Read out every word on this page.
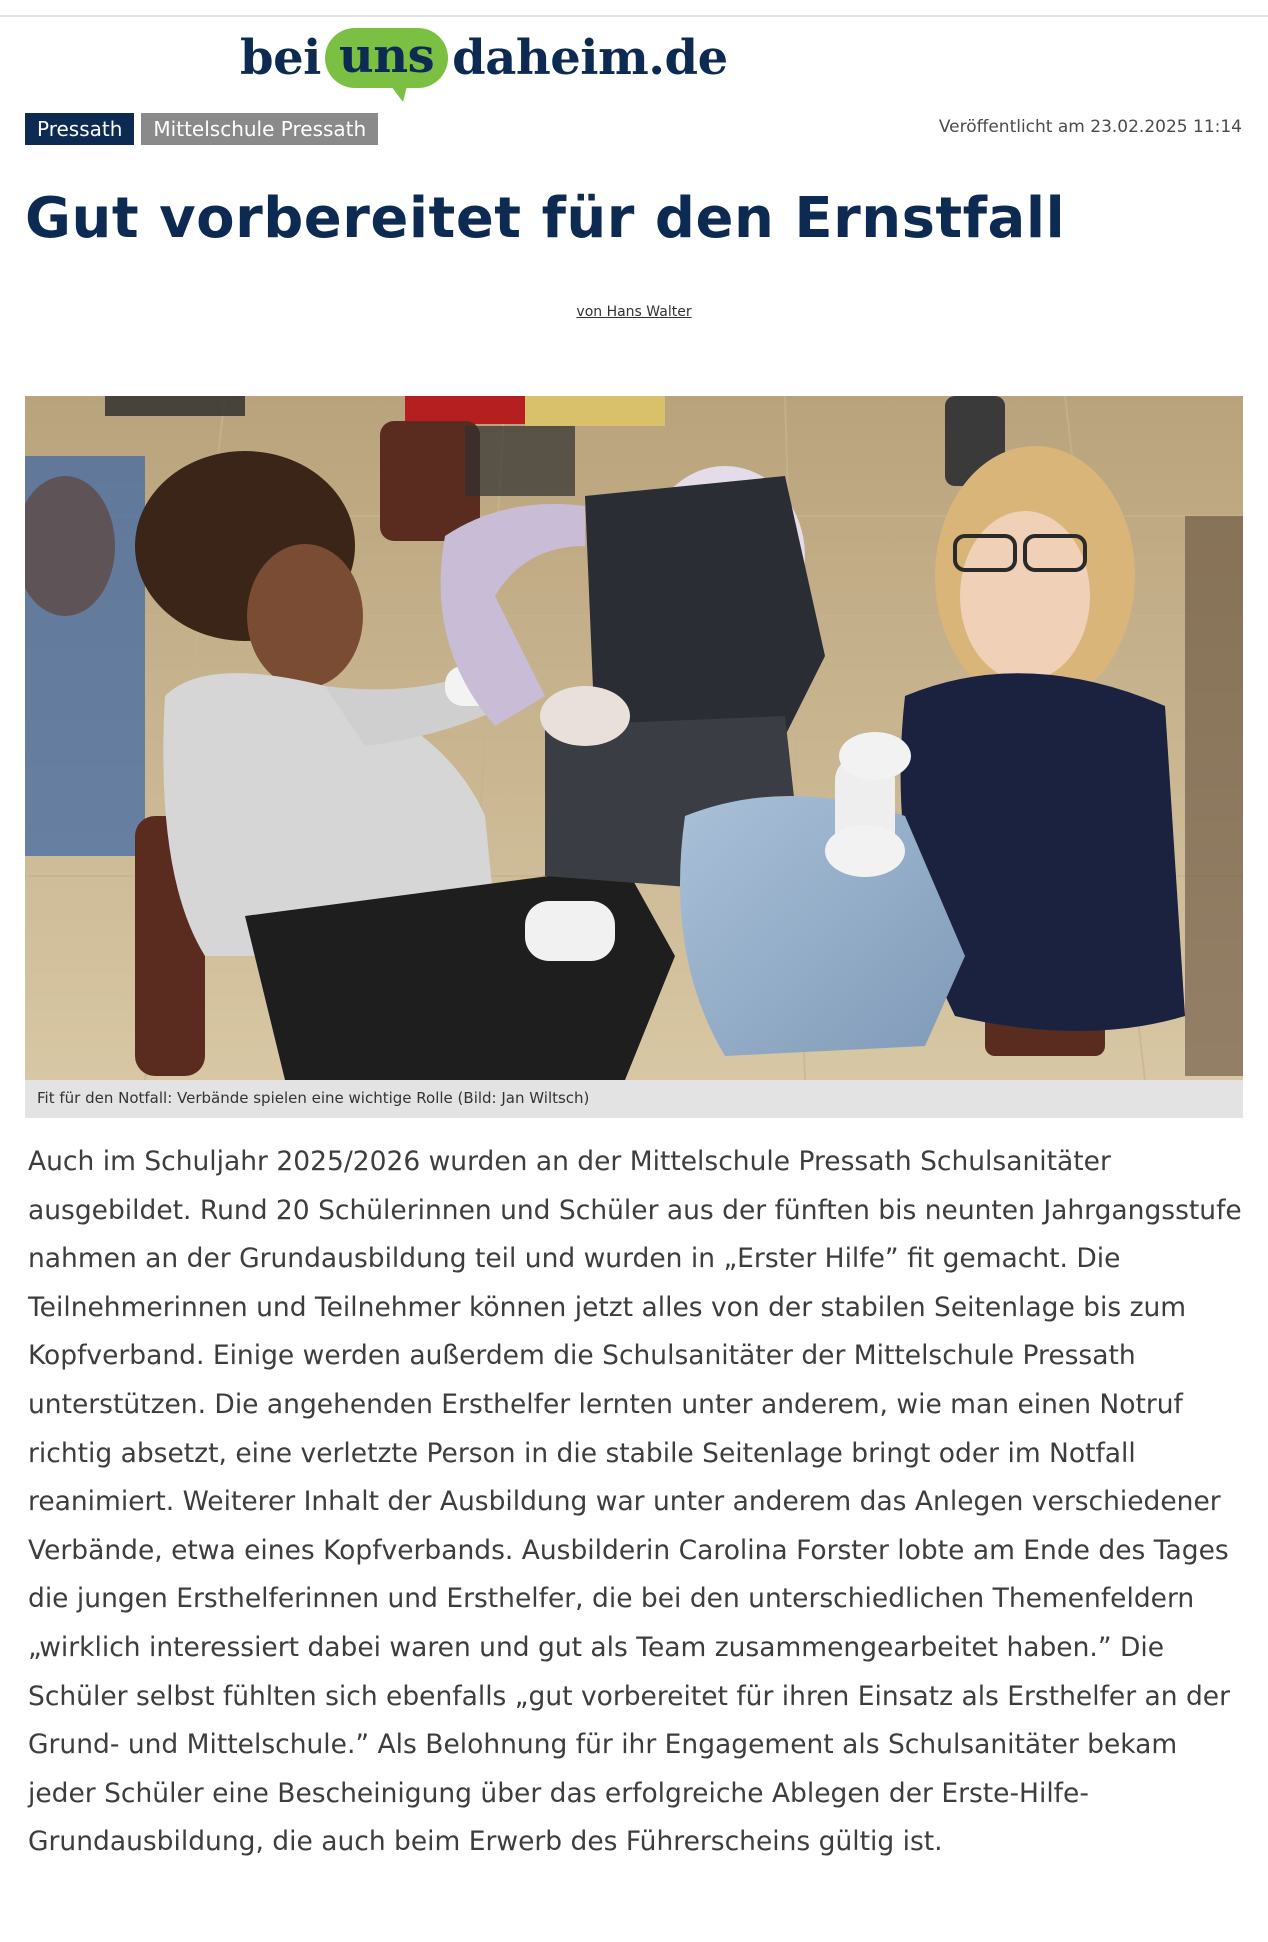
bei uns daheim.de
Pressath	Mittelschule Pressath	Veröffentlicht am 23.02.2025 11:14
Gut vorbereitet für den Ernstfall
von Hans Walter
Fit für den Notfall: Verbände spielen eine wichtige Rolle (Bild: Jan Wiltsch)

Auch im Schuljahr 2025/2026 wurden an der Mittelschule Pressath Schulsanitäter ausgebildet. Rund 20 Schülerinnen und Schüler aus der fünften bis neunten Jahrgangsstufe nahmen an der Grundausbildung teil und wurden in „Erster Hilfe” fit gemacht. Die Teilnehmerinnen und Teilnehmer können jetzt alles von der stabilen Seitenlage bis zum Kopfverband. Einige werden außerdem die Schulsanitäter der Mittelschule Pressath unterstützen. Die angehenden Ersthelfer lernten unter anderem, wie man einen Notruf richtig absetzt, eine verletzte Person in die stabile Seitenlage bringt oder im Notfall reanimiert. Weiterer Inhalt der Ausbildung war unter anderem das Anlegen verschiedener Verbände, etwa eines Kopfverbands. Ausbilderin Carolina Forster lobte am Ende des Tages die jungen Ersthelferinnen und Ersthelfer, die bei den unterschiedlichen Themenfeldern „wirklich interessiert dabei waren und gut als Team zusammengearbeitet haben.” Die Schüler selbst fühlten sich ebenfalls „gut vorbereitet für ihren Einsatz als Ersthelfer an der Grund- und Mittelschule.” Als Belohnung für ihr Engagement als Schulsanitäter bekam jeder Schüler eine Bescheinigung über das erfolgreiche Ablegen der Erste-Hilfe-Grundausbildung, die auch beim Erwerb des Führerscheins gültig ist.
